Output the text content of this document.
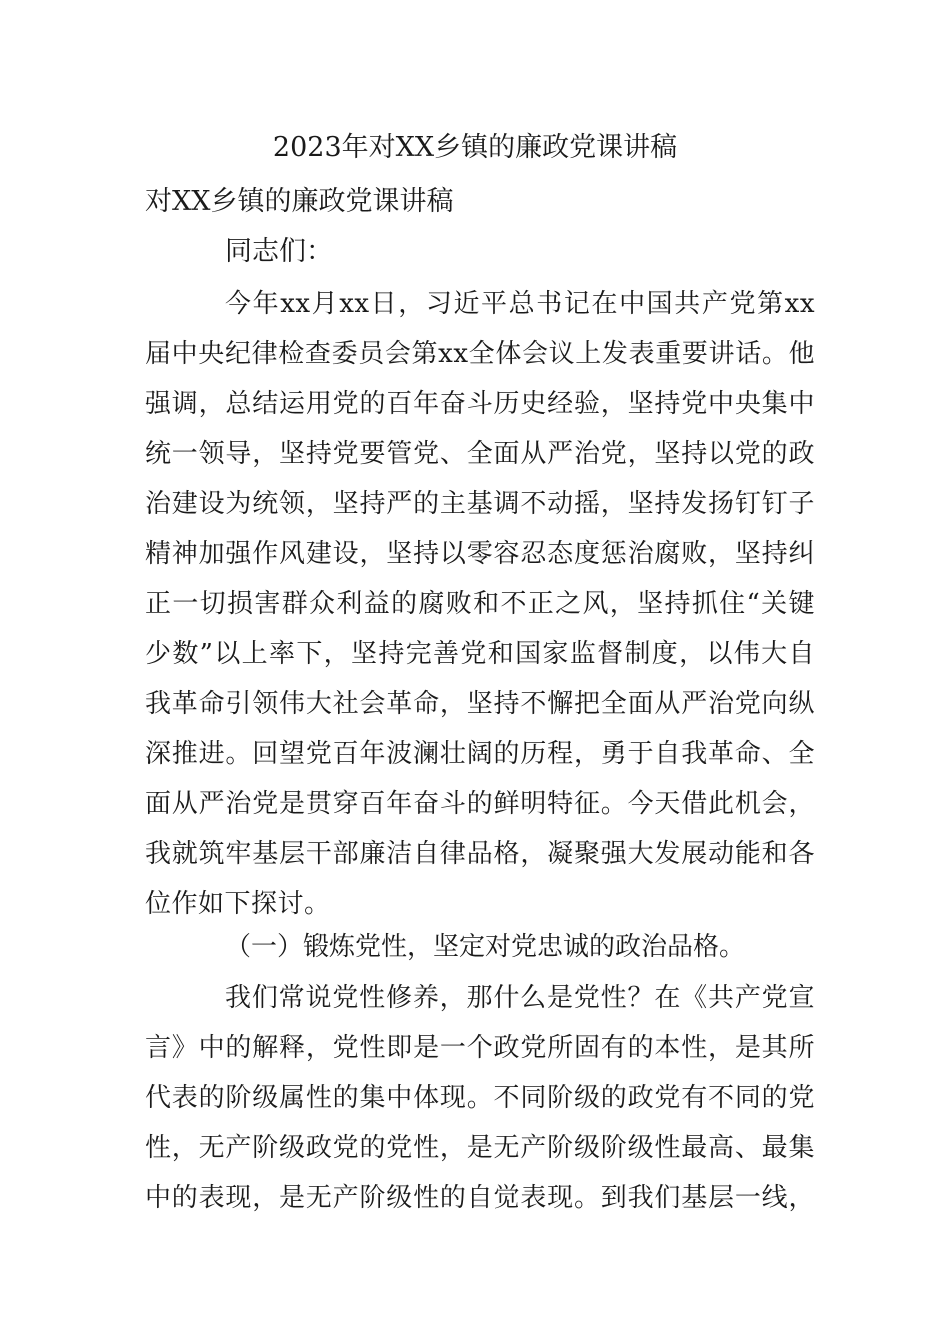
2023年对XX乡镇的廉政党课讲稿

对XX乡镇的廉政党课讲稿

同志们：

今年xx月xx日，习近平总书记在中国共产党第xx
届中央纪律检查委员会第xx全体会议上发表重要讲话。他
强调，总结运用党的百年奋斗历史经验，坚持党中央集中
统一领导，坚持党要管党、全面从严治党，坚持以党的政
治建设为统领，坚持严的主基调不动摇，坚持发扬钉钉子
精神加强作风建设，坚持以零容忍态度惩治腐败，坚持纠
正一切损害群众利益的腐败和不正之风，坚持抓住“关键
少数”以上率下，坚持完善党和国家监督制度，以伟大自
我革命引领伟大社会革命，坚持不懈把全面从严治党向纵
深推进。回望党百年波澜壮阔的历程，勇于自我革命、全
面从严治党是贯穿百年奋斗的鲜明特征。今天借此机会，
我就筑牢基层干部廉洁自律品格，凝聚强大发展动能和各
位作如下探讨。

（一）锻炼党性，坚定对党忠诚的政治品格。

我们常说党性修养，那什么是党性？在《共产党宣
言》中的解释，党性即是一个政党所固有的本性，是其所
代表的阶级属性的集中体现。不同阶级的政党有不同的党
性，无产阶级政党的党性，是无产阶级阶级性最高、最集
中的表现，是无产阶级性的自觉表现。到我们基层一线，
